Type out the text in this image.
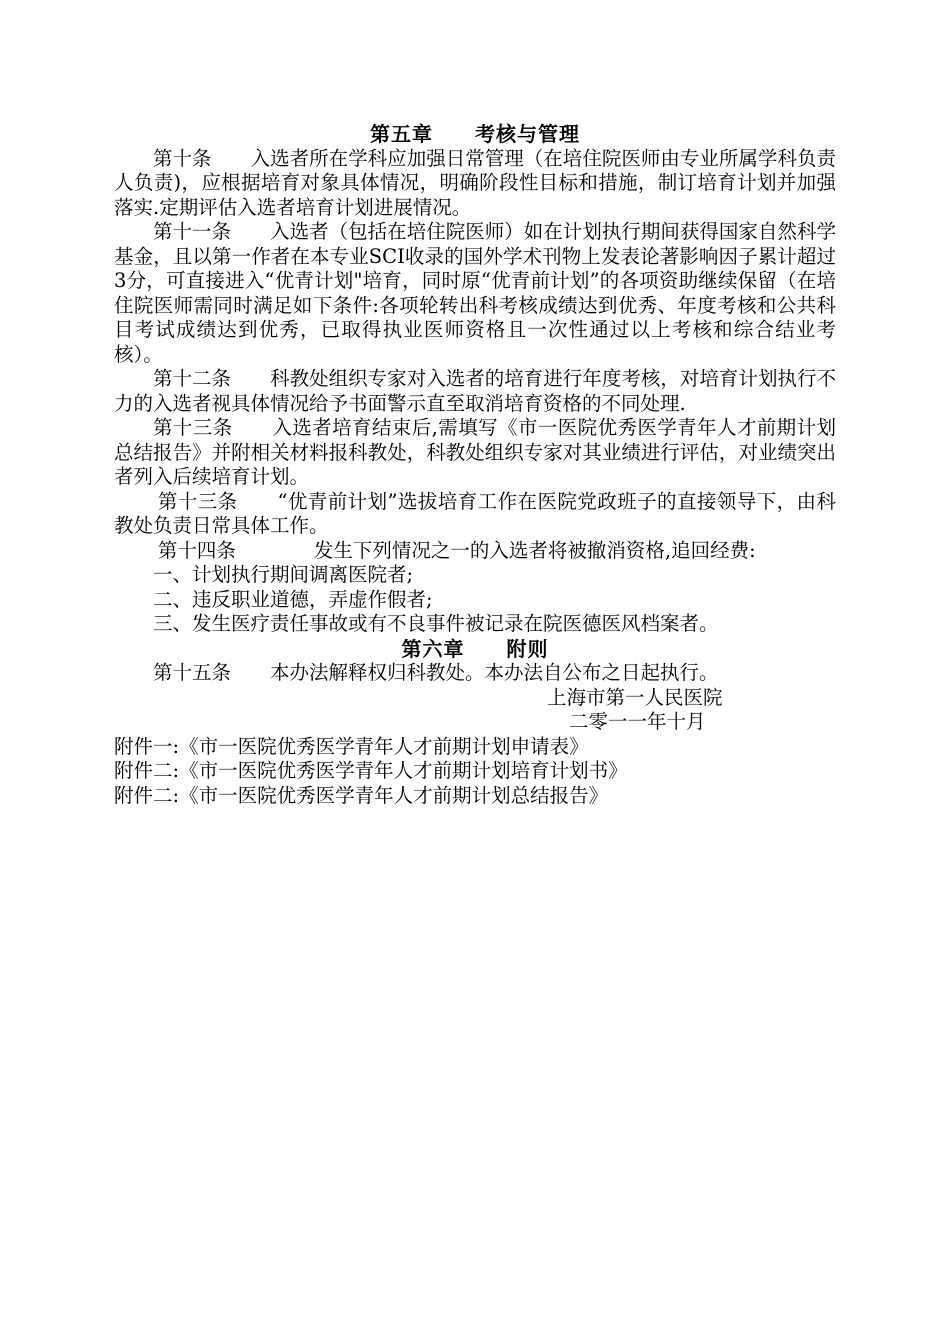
第五章　　考核与管理
第十条　　入选者所在学科应加强日常管理（在培住院医师由专业所属学科负责人负责)，应根据培育对象具体情况，明确阶段性目标和措施，制订培育计划并加强落实.定期评估入选者培育计划进展情况。
第十一条　　入选者（包括在培住院医师）如在计划执行期间获得国家自然科学基金，且以第一作者在本专业SCI收录的国外学术刊物上发表论著影响因子累计超过3分，可直接进入“优青计划"培育，同时原“优青前计划”的各项资助继续保留（在培住院医师需同时满足如下条件:各项轮转出科考核成绩达到优秀、年度考核和公共科目考试成绩达到优秀，已取得执业医师资格且一次性通过以上考核和综合结业考核）。
第十二条　　科教处组织专家对入选者的培育进行年度考核，对培育计划执行不力的入选者视具体情况给予书面警示直至取消培育资格的不同处理.
第十三条　　入选者培育结束后,需填写《市一医院优秀医学青年人才前期计划总结报告》并附相关材料报科教处，科教处组织专家对其业绩进行评估，对业绩突出者列入后续培育计划。
第十三条　　“优青前计划”选拔培育工作在医院党政班子的直接领导下，由科教处负责日常具体工作。
第十四条　　　　发生下列情况之一的入选者将被撤消资格,追回经费:
一、计划执行期间调离医院者;
二、违反职业道德，弄虚作假者;
三、发生医疗责任事故或有不良事件被记录在院医德医风档案者。
第六章　　附则
第十五条　　本办法解释权归科教处。本办法自公布之日起执行。
上海市第一人民医院
二零一一年十月
附件一:《市一医院优秀医学青年人才前期计划申请表》
附件二:《市一医院优秀医学青年人才前期计划培育计划书》
附件二:《市一医院优秀医学青年人才前期计划总结报告》
